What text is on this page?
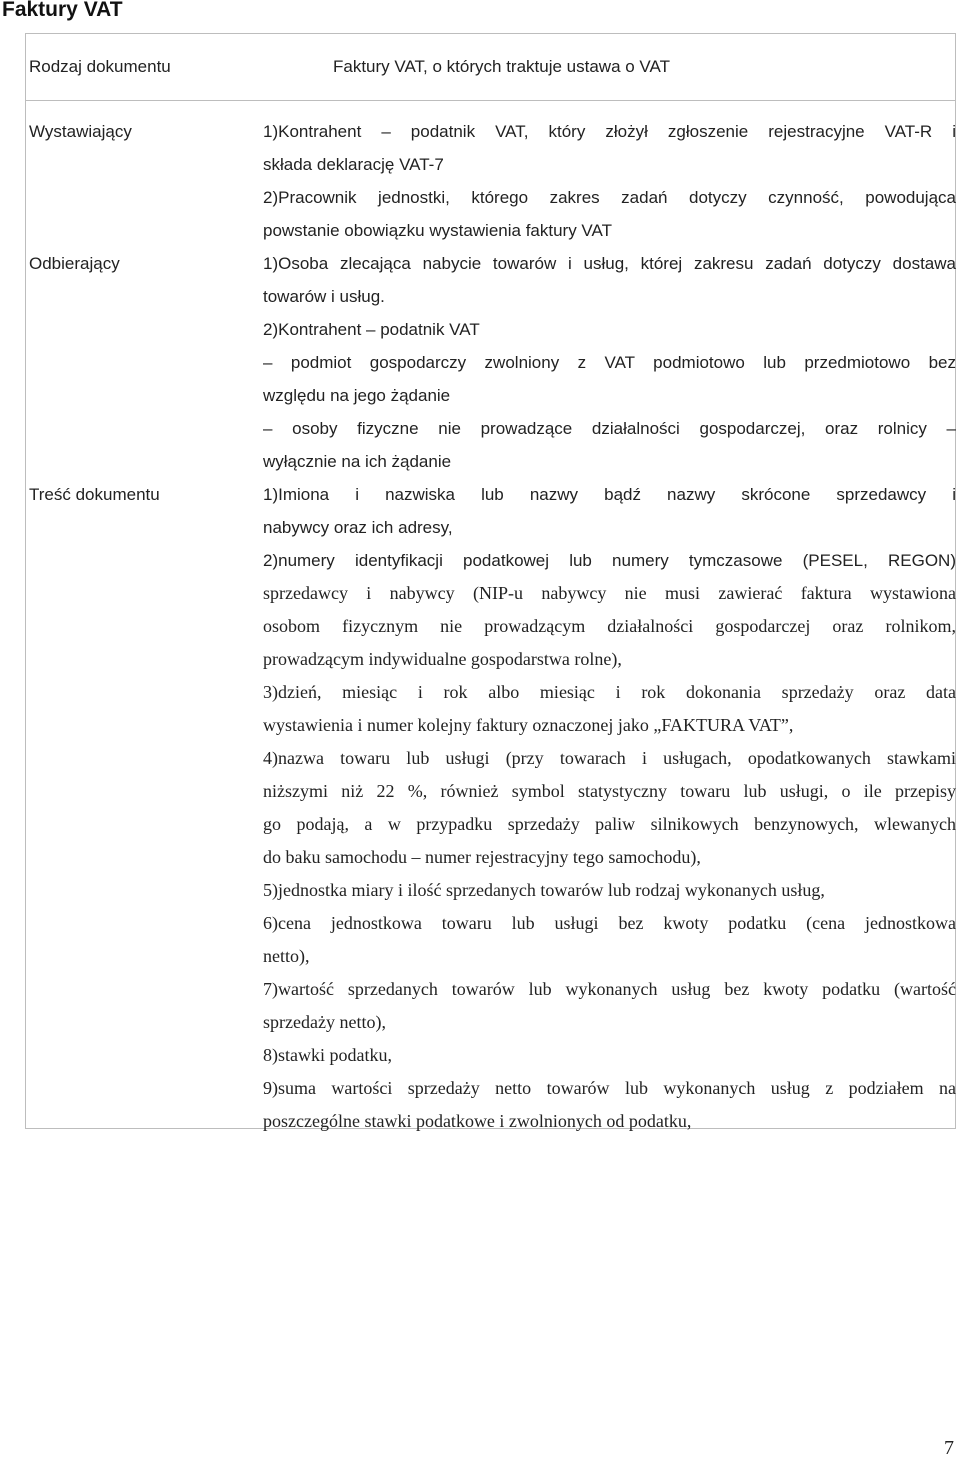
Faktury VAT
Rodzaj dokumentu	Faktury VAT, o których traktuje ustawa o VAT
Wystawiający	1)Kontrahent – podatnik VAT, który złożył zgłoszenie rejestracyjne VAT-R i
składa deklarację VAT-7
2)Pracownik jednostki, którego zakres zadań dotyczy czynność, powodująca
powstanie obowiązku wystawienia faktury VAT
Odbierający	1)Osoba zlecająca nabycie towarów i usług, której zakresu zadań dotyczy dostawa
towarów i usług.
2)Kontrahent – podatnik VAT
– podmiot gospodarczy zwolniony z VAT podmiotowo lub przedmiotowo bez
względu na jego żądanie
– osoby fizyczne nie prowadzące działalności gospodarczej, oraz rolnicy –
wyłącznie na ich żądanie
Treść dokumentu	1)Imiona i nazwiska lub nazwy bądź nazwy skrócone sprzedawcy i
nabywcy oraz ich adresy,
2)numery identyfikacji podatkowej lub numery tymczasowe (PESEL, REGON)
sprzedawcy i nabywcy (NIP-u nabywcy nie musi zawierać faktura wystawiona
osobom fizycznym nie prowadzącym działalności gospodarczej oraz rolnikom,
prowadzącym indywidualne gospodarstwa rolne),
3)dzień, miesiąc i rok albo miesiąc i rok dokonania sprzedaży oraz data
wystawienia i numer kolejny faktury oznaczonej jako „FAKTURA VAT”,
4)nazwa towaru lub usługi (przy towarach i usługach, opodatkowanych stawkami
niższymi niż 22 %, również symbol statystyczny towaru lub usługi, o ile przepisy
go podają, a w przypadku sprzedaży paliw silnikowych benzynowych, wlewanych
do baku samochodu – numer rejestracyjny tego samochodu),
5)jednostka miary i ilość sprzedanych towarów lub rodzaj wykonanych usług,
6)cena jednostkowa towaru lub usługi bez kwoty podatku (cena jednostkowa
netto),
7)wartość sprzedanych towarów lub wykonanych usług bez kwoty podatku (wartość
sprzedaży netto),
8)stawki podatku,
9)suma wartości sprzedaży netto towarów lub wykonanych usług z podziałem na
poszczególne stawki podatkowe i zwolnionych od podatku,
7
